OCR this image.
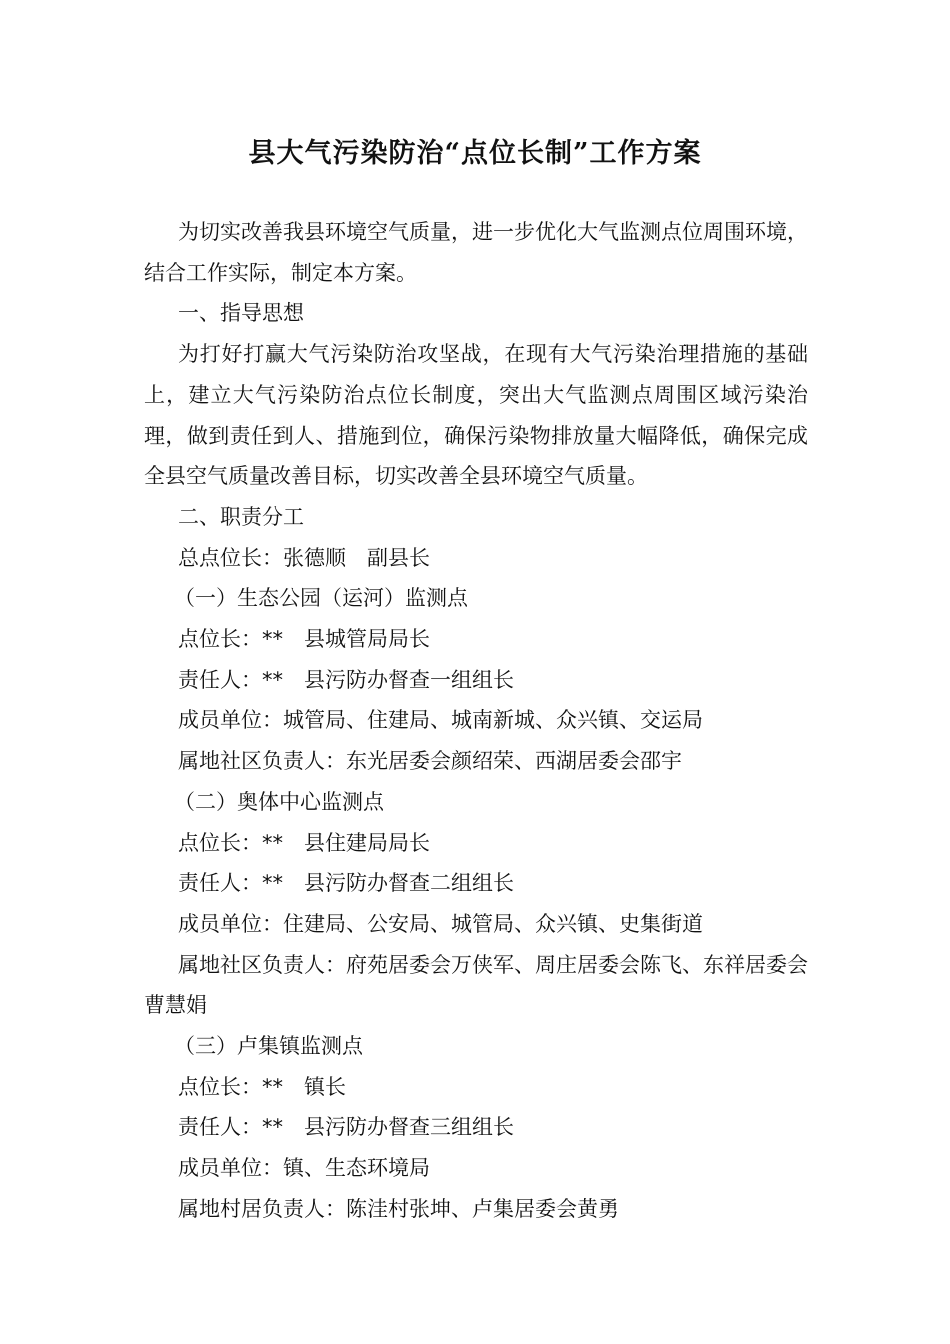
县大气污染防治“点位长制”工作方案

为切实改善我县环境空气质量，进一步优化大气监测点位周围环境，结合工作实际，制定本方案。

一、指导思想

为打好打赢大气污染防治攻坚战，在现有大气污染治理措施的基础上，建立大气污染防治点位长制度，突出大气监测点周围区域污染治理，做到责任到人、措施到位，确保污染物排放量大幅降低，确保完成全县空气质量改善目标，切实改善全县环境空气质量。

二、职责分工

总点位长：张德顺　副县长

（一）生态公园（运河）监测点

点位长：**　县城管局局长

责任人：**　县污防办督查一组组长

成员单位：城管局、住建局、城南新城、众兴镇、交运局

属地社区负责人：东光居委会颜绍荣、西湖居委会邵宇

（二）奥体中心监测点

点位长：**　县住建局局长

责任人：**　县污防办督查二组组长

成员单位：住建局、公安局、城管局、众兴镇、史集街道

属地社区负责人：府苑居委会万侠军、周庄居委会陈飞、东祥居委会曹慧娟

（三）卢集镇监测点

点位长：**　镇长

责任人：**　县污防办督查三组组长

成员单位：镇、生态环境局

属地村居负责人：陈洼村张坤、卢集居委会黄勇
